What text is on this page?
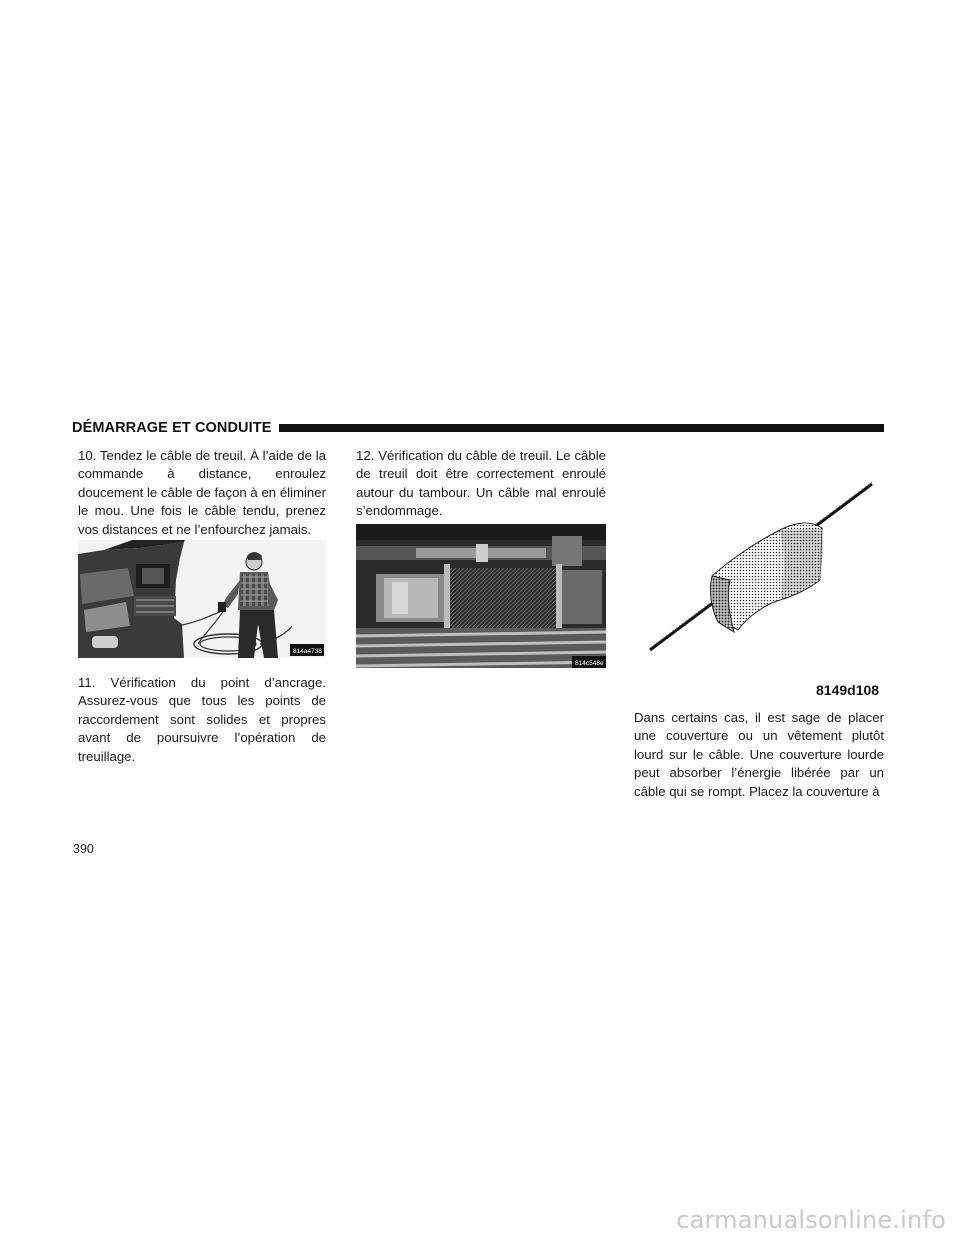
DÉMARRAGE ET CONDUITE

10. Tendez le câble de treuil. À l’aide de la commande à distance, enroulez doucement le câble de façon à en éliminer le mou. Une fois le câble tendu, prenez vos distances et ne l’enfourchez jamais.

814a4738

11. Vérification du point d’ancrage. Assurez-vous que tous les points de raccordement sont solides et propres avant de poursuivre l’opération de treuillage.

12. Vérification du câble de treuil. Le câble de treuil doit être correctement enroulé autour du tambour. Un câble mal enroulé s’endommage.

814c548e
8149d108

Dans certains cas, il est sage de placer une couverture ou un vêtement plutôt lourd sur le câble. Une couverture lourde peut absorber l’énergie libérée par un câble qui se rompt. Placez la couverture à

390
carmanualsonline.info
